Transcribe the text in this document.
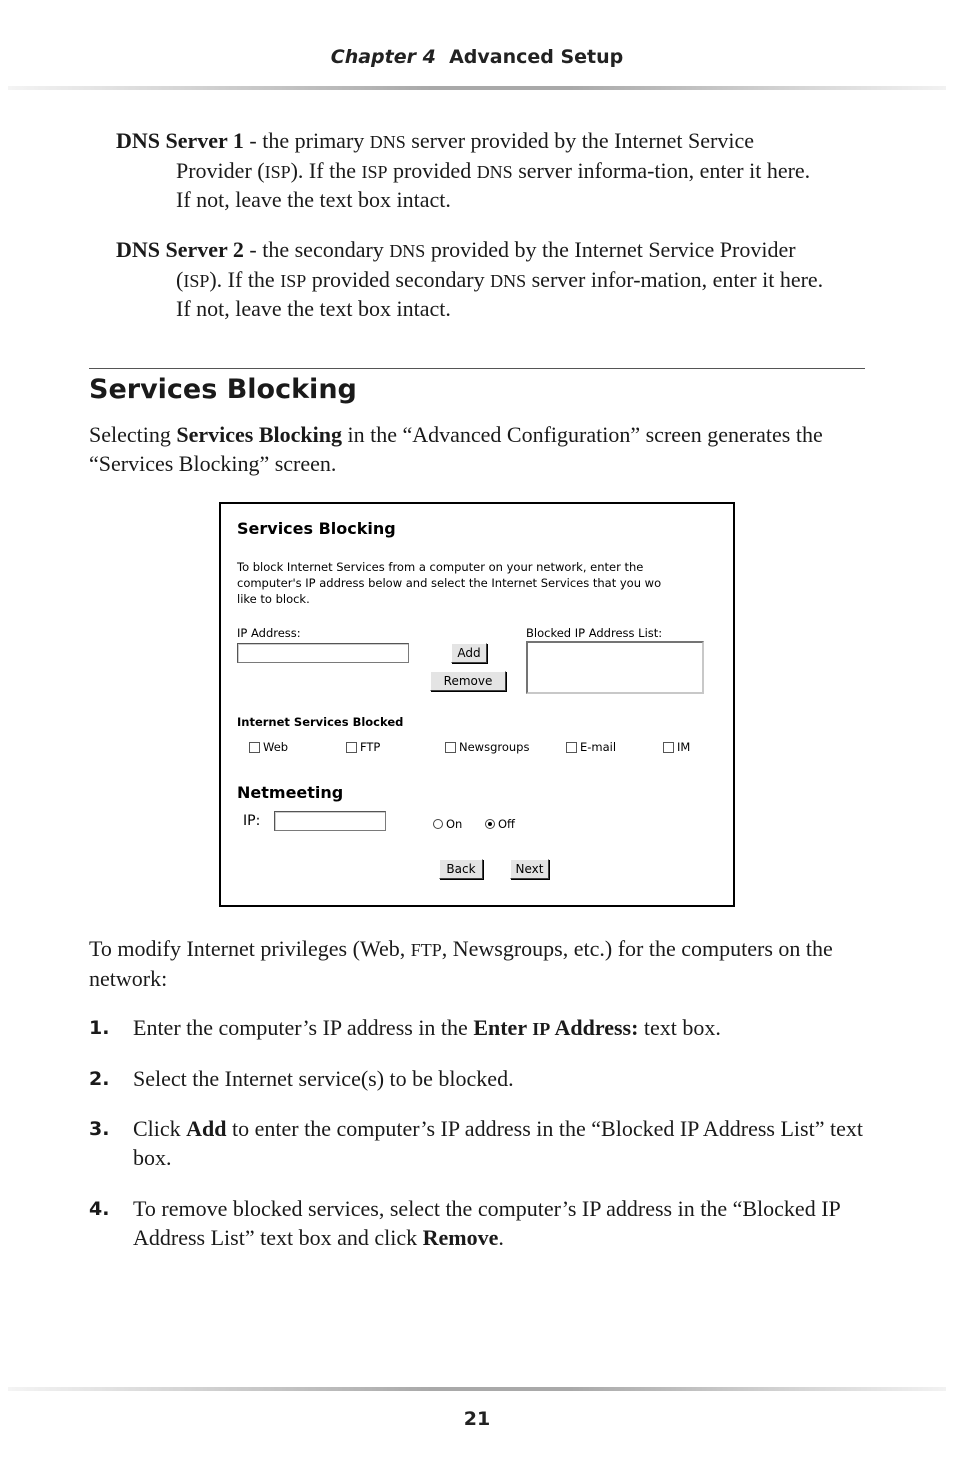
Chapter 4 Advanced Setup
DNS Server 1 - the primary DNS server provided by the Internet Service Provider (ISP). If the ISP provided DNS server informa-tion, enter it here. If not, leave the text box intact.
DNS Server 2 - the secondary DNS provided by the Internet Service Provider (ISP). If the ISP provided secondary DNS server infor-mation, enter it here. If not, leave the text box intact.
Services Blocking
Selecting Services Blocking in the “Advanced Configuration” screen generates the “Services Blocking” screen.
Services Blocking
To block Internet Services from a computer on your network, enter the
computer's IP address below and select the Internet Services that you wo
like to block.
IP Address:
Add
Remove
Blocked IP Address List:
Internet Services Blocked
Web	FTP	Newsgroups	E-mail	IM
Netmeeting
IP:	On	Off
Back	Next
To modify Internet privileges (Web, FTP, Newsgroups, etc.) for the computers on the network:
1. Enter the computer’s IP address in the Enter IP Address: text box.
2. Select the Internet service(s) to be blocked.
3. Click Add to enter the computer’s IP address in the “Blocked IP Address List” text box.
4. To remove blocked services, select the computer’s IP address in the “Blocked IP Address List” text box and click Remove.
21
